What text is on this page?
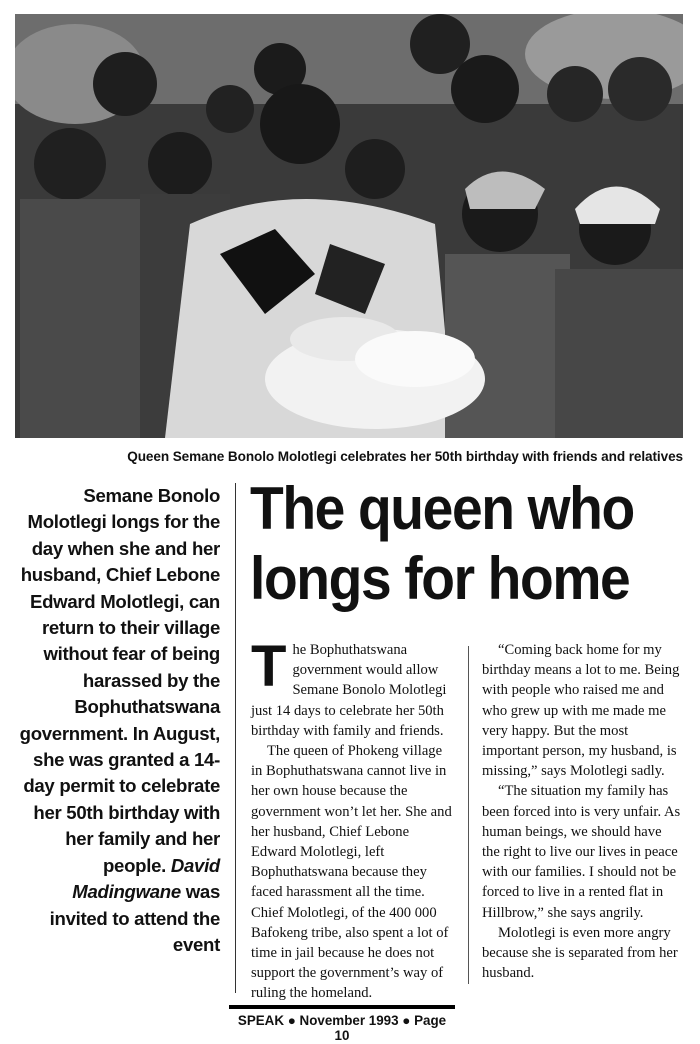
Queen Semane Bonolo Molotlegi celebrates her 50th birthday with friends and relatives
Semane Bonolo Molotlegi longs for the day when she and her husband, Chief Lebone Edward Molotlegi, can return to their village without fear of being harassed by the Bophuthatswana government. In August, she was granted a 14-day permit to celebrate her 50th birthday with her family and her people. David Madingwane was invited to attend the event
The queen who
longs for home

The Bophuthatswana government would allow Semane Bonolo Molotlegi just 14 days to celebrate her 50th birthday with family and friends.

The queen of Phokeng village in Bophuthatswana cannot live in her own house because the government won’t let her. She and her husband, Chief Lebone Edward Molotlegi, left Bophuthatswana because they faced harassment all the time. Chief Molotlegi, of the 400 000 Bafokeng tribe, also spent a lot of time in jail because he does not support the government’s way of ruling the homeland.

“Coming back home for my birthday means a lot to me. Being with people who raised me and who grew up with me made me very happy. But the most important person, my husband, is missing,” says Molotlegi sadly.

“The situation my family has been forced into is very unfair. As human beings, we should have the right to live our lives in peace with our families. I should not be forced to live in a rented flat in Hillbrow,” she says angrily.

Molotlegi is even more angry because she is separated from her husband.

SPEAK ● November 1993 ● Page 10
